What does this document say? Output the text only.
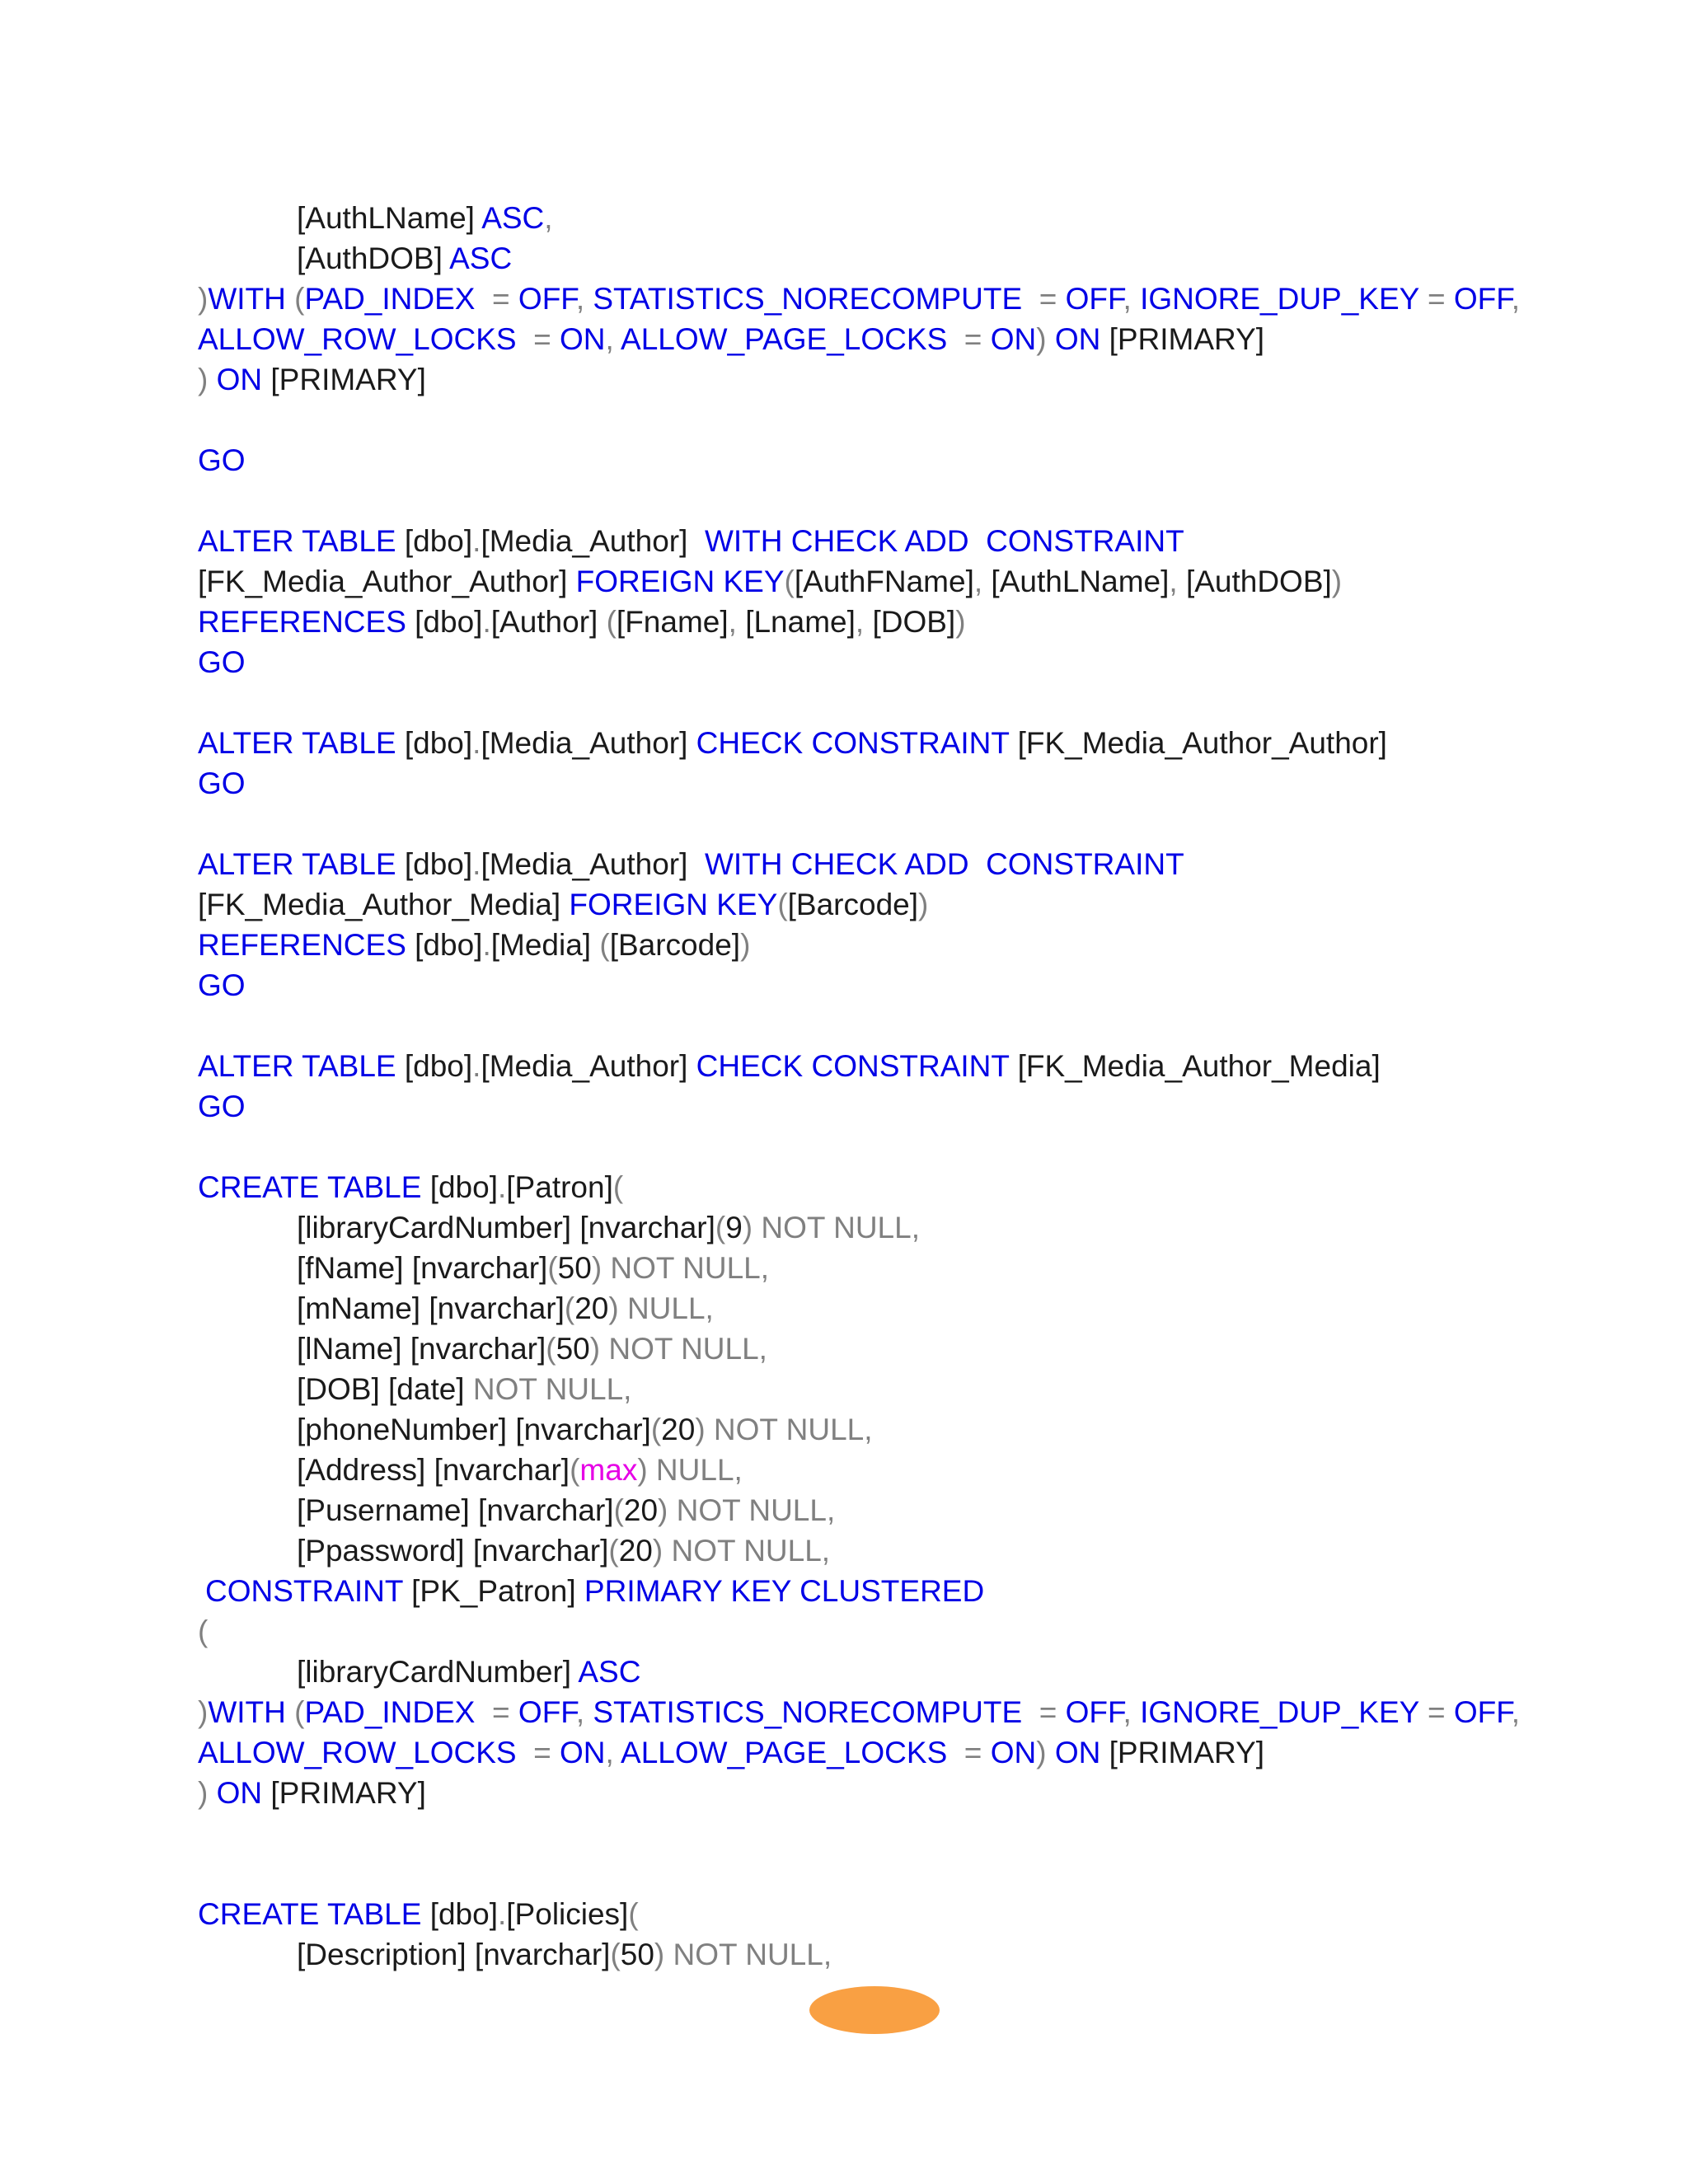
[AuthLName] ASC,
[AuthDOB] ASC
)WITH (PAD_INDEX  = OFF, STATISTICS_NORECOMPUTE  = OFF, IGNORE_DUP_KEY = OFF,
ALLOW_ROW_LOCKS  = ON, ALLOW_PAGE_LOCKS  = ON) ON [PRIMARY]
) ON [PRIMARY]
GO
ALTER TABLE [dbo].[Media_Author]  WITH CHECK ADD  CONSTRAINT
[FK_Media_Author_Author] FOREIGN KEY([AuthFName], [AuthLName], [AuthDOB])
REFERENCES [dbo].[Author] ([Fname], [Lname], [DOB])
GO
ALTER TABLE [dbo].[Media_Author] CHECK CONSTRAINT [FK_Media_Author_Author]
GO
ALTER TABLE [dbo].[Media_Author]  WITH CHECK ADD  CONSTRAINT
[FK_Media_Author_Media] FOREIGN KEY([Barcode])
REFERENCES [dbo].[Media] ([Barcode])
GO
ALTER TABLE [dbo].[Media_Author] CHECK CONSTRAINT [FK_Media_Author_Media]
GO
CREATE TABLE [dbo].[Patron](
[libraryCardNumber] [nvarchar](9) NOT NULL,
[fName] [nvarchar](50) NOT NULL,
[mName] [nvarchar](20) NULL,
[lName] [nvarchar](50) NOT NULL,
[DOB] [date] NOT NULL,
[phoneNumber] [nvarchar](20) NOT NULL,
[Address] [nvarchar](max) NULL,
[Pusername] [nvarchar](20) NOT NULL,
[Ppassword] [nvarchar](20) NOT NULL,
CONSTRAINT [PK_Patron] PRIMARY KEY CLUSTERED
(
[libraryCardNumber] ASC
)WITH (PAD_INDEX  = OFF, STATISTICS_NORECOMPUTE  = OFF, IGNORE_DUP_KEY = OFF,
ALLOW_ROW_LOCKS  = ON, ALLOW_PAGE_LOCKS  = ON) ON [PRIMARY]
) ON [PRIMARY]
CREATE TABLE [dbo].[Policies](
[Description] [nvarchar](50) NOT NULL,
